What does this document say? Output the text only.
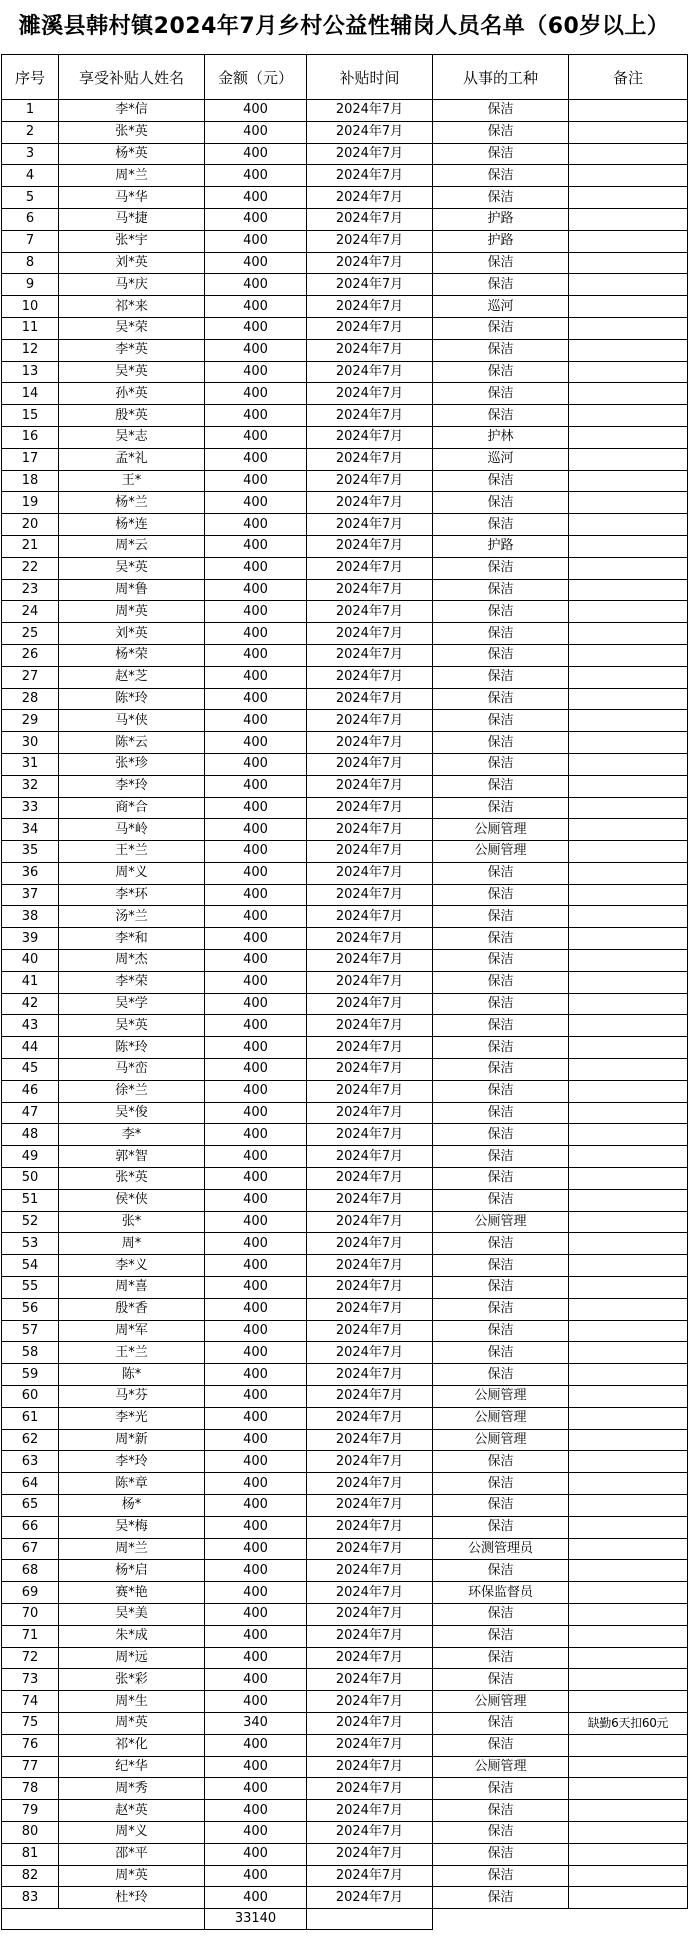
濉溪县韩村镇2024年7月乡村公益性辅岗人员名单（60岁以上）
序号	享受补贴人姓名	金额（元）	补贴时间	从事的工种	备注
1	李*信	400	2024年7月	保洁	
2	张*英	400	2024年7月	保洁	
3	杨*英	400	2024年7月	保洁	
4	周*兰	400	2024年7月	保洁	
5	马*华	400	2024年7月	保洁	
6	马*捷	400	2024年7月	护路	
7	张*宇	400	2024年7月	护路	
8	刘*英	400	2024年7月	保洁	
9	马*庆	400	2024年7月	保洁	
10	祁*来	400	2024年7月	巡河	
11	吴*荣	400	2024年7月	保洁	
12	李*英	400	2024年7月	保洁	
13	吴*英	400	2024年7月	保洁	
14	孙*英	400	2024年7月	保洁	
15	殷*英	400	2024年7月	保洁	
16	吴*志	400	2024年7月	护林	
17	孟*礼	400	2024年7月	巡河	
18	王*	400	2024年7月	保洁	
19	杨*兰	400	2024年7月	保洁	
20	杨*连	400	2024年7月	保洁	
21	周*云	400	2024年7月	护路	
22	吴*英	400	2024年7月	保洁	
23	周*鲁	400	2024年7月	保洁	
24	周*英	400	2024年7月	保洁	
25	刘*英	400	2024年7月	保洁	
26	杨*荣	400	2024年7月	保洁	
27	赵*芝	400	2024年7月	保洁	
28	陈*玲	400	2024年7月	保洁	
29	马*侠	400	2024年7月	保洁	
30	陈*云	400	2024年7月	保洁	
31	张*珍	400	2024年7月	保洁	
32	李*玲	400	2024年7月	保洁	
33	商*合	400	2024年7月	保洁	
34	马*岭	400	2024年7月	公厕管理	
35	王*兰	400	2024年7月	公厕管理	
36	周*义	400	2024年7月	保洁	
37	李*环	400	2024年7月	保洁	
38	汤*兰	400	2024年7月	保洁	
39	李*和	400	2024年7月	保洁	
40	周*杰	400	2024年7月	保洁	
41	李*荣	400	2024年7月	保洁	
42	吴*学	400	2024年7月	保洁	
43	吴*英	400	2024年7月	保洁	
44	陈*玲	400	2024年7月	保洁	
45	马*峦	400	2024年7月	保洁	
46	徐*兰	400	2024年7月	保洁	
47	吴*俊	400	2024年7月	保洁	
48	李*	400	2024年7月	保洁	
49	郭*智	400	2024年7月	保洁	
50	张*英	400	2024年7月	保洁	
51	侯*侠	400	2024年7月	保洁	
52	张*	400	2024年7月	公厕管理	
53	周*	400	2024年7月	保洁	
54	李*义	400	2024年7月	保洁	
55	周*喜	400	2024年7月	保洁	
56	殷*香	400	2024年7月	保洁	
57	周*军	400	2024年7月	保洁	
58	王*兰	400	2024年7月	保洁	
59	陈*	400	2024年7月	保洁	
60	马*芬	400	2024年7月	公厕管理	
61	李*光	400	2024年7月	公厕管理	
62	周*新	400	2024年7月	公厕管理	
63	李*玲	400	2024年7月	保洁	
64	陈*章	400	2024年7月	保洁	
65	杨*	400	2024年7月	保洁	
66	吴*梅	400	2024年7月	保洁	
67	周*兰	400	2024年7月	公测管理员	
68	杨*启	400	2024年7月	保洁	
69	赛*艳	400	2024年7月	环保监督员	
70	吴*美	400	2024年7月	保洁	
71	朱*成	400	2024年7月	保洁	
72	周*远	400	2024年7月	保洁	
73	张*彩	400	2024年7月	保洁	
74	周*生	400	2024年7月	公厕管理	
75	周*英	340	2024年7月	保洁	缺勤6天扣60元
76	祁*化	400	2024年7月	保洁	
77	纪*华	400	2024年7月	公厕管理	
78	周*秀	400	2024年7月	保洁	
79	赵*英	400	2024年7月	保洁	
80	周*义	400	2024年7月	保洁	
81	邵*平	400	2024年7月	保洁	
82	周*英	400	2024年7月	保洁	
83	杜*玲	400	2024年7月	保洁	
		33140			
